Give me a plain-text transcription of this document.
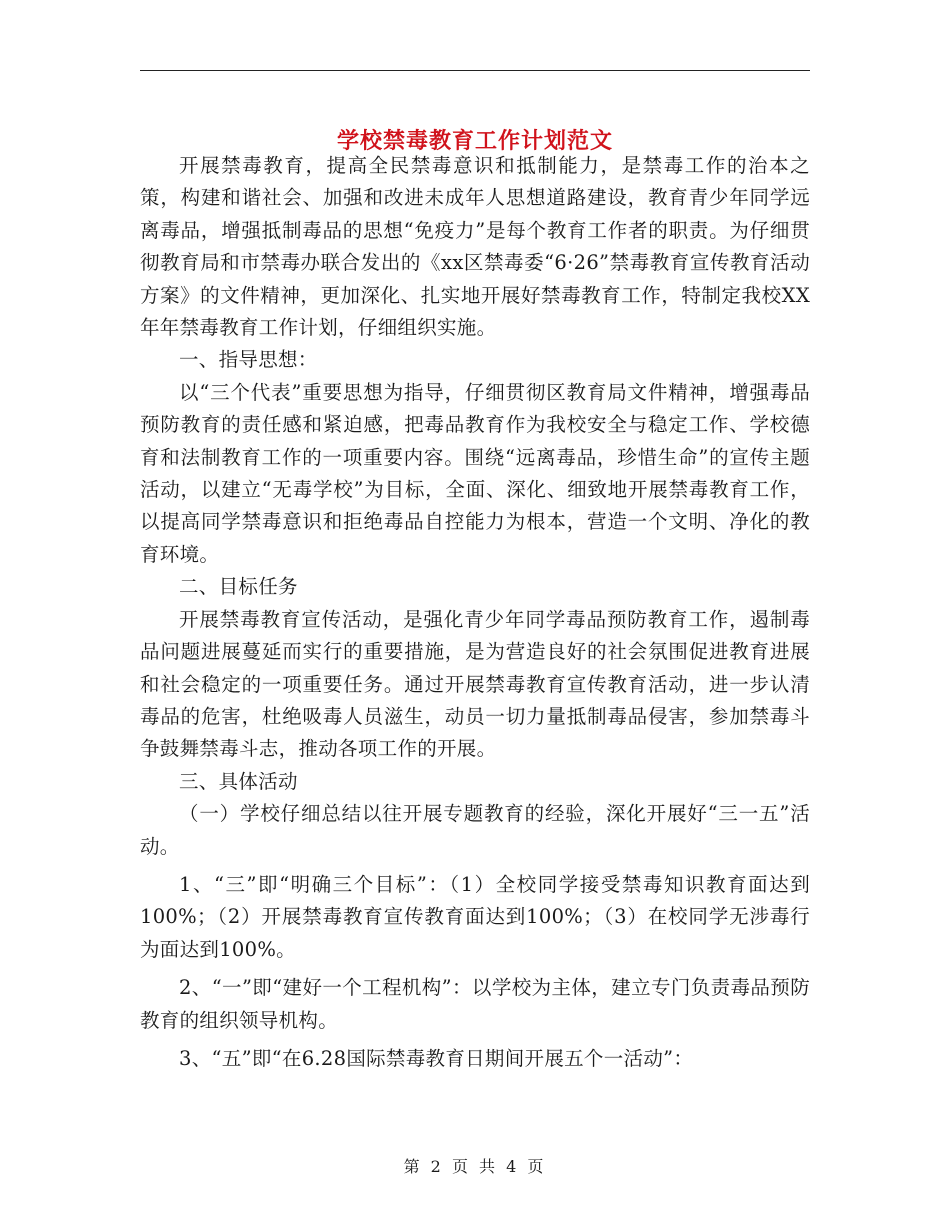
学校禁毒教育工作计划范文

开展禁毒教育，提高全民禁毒意识和抵制能力，是禁毒工作的治本之策，构建和谐社会、加强和改进未成年人思想道路建设，教育青少年同学远离毒品，增强抵制毒品的思想“免疫力”是每个教育工作者的职责。为仔细贯彻教育局和市禁毒办联合发出的《xx区禁毒委“6·26”禁毒教育宣传教育活动方案》的文件精神，更加深化、扎实地开展好禁毒教育工作，特制定我校XX年年禁毒教育工作计划，仔细组织实施。

一、指导思想：

以“三个代表”重要思想为指导，仔细贯彻区教育局文件精神，增强毒品预防教育的责任感和紧迫感，把毒品教育作为我校安全与稳定工作、学校德育和法制教育工作的一项重要内容。围绕“远离毒品，珍惜生命”的宣传主题活动，以建立“无毒学校”为目标，全面、深化、细致地开展禁毒教育工作，以提高同学禁毒意识和拒绝毒品自控能力为根本，营造一个文明、净化的教育环境。

二、目标任务

开展禁毒教育宣传活动，是强化青少年同学毒品预防教育工作，遏制毒品问题进展蔓延而实行的重要措施，是为营造良好的社会氛围促进教育进展和社会稳定的一项重要任务。通过开展禁毒教育宣传教育活动，进一步认清毒品的危害，杜绝吸毒人员滋生，动员一切力量抵制毒品侵害，参加禁毒斗争鼓舞禁毒斗志，推动各项工作的开展。

三、具体活动

（一）学校仔细总结以往开展专题教育的经验，深化开展好“三一五”活动。

1、“三”即“明确三个目标”：（1）全校同学接受禁毒知识教育面达到100%；（2）开展禁毒教育宣传教育面达到100%；（3）在校同学无涉毒行为面达到100%。

2、“一”即“建好一个工程机构”：以学校为主体，建立专门负责毒品预防教育的组织领导机构。

3、“五”即“在6.28国际禁毒教育日期间开展五个一活动”：

第 2 页 共 4 页
